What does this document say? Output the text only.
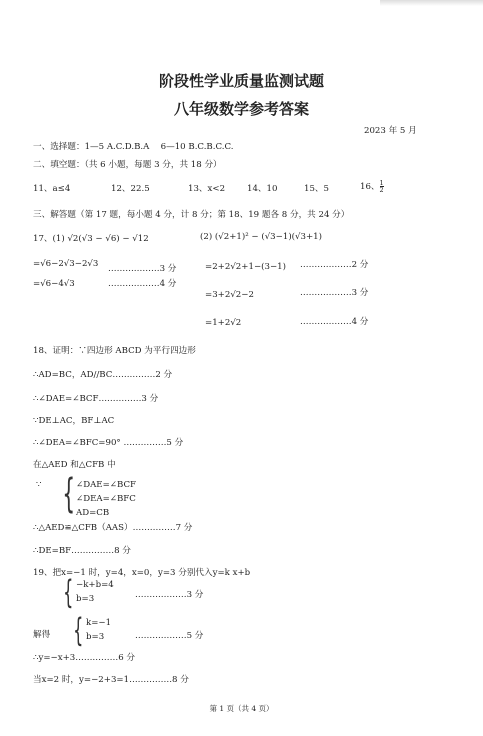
阶段性学业质量监测试题
八年级数学参考答案
2023 年 5 月
一、选择题：1—5 A.C.D.B.A　 6—10 B.C.B.C.C.
二、填空题：（共 6 小题，每题 3 分，共 18 分）
11、a≤4	12、22.5	13、x<2	14、10	15、5	16、 $\frac{1}{2}$
三、解答题（第 17 题，每小题 4 分，计 8 分；第 18、19 题各 8 分，共 24 分）
17、(1) √2(√3 − √6) − √12	(2) (√2+1)² − (√3−1)(√3+1)
=√6−2√3−2√3 ………………3 分
=√6−4√3	………………4 分
=2+2√2+1−(3−1) ………………2 分
=3+2√2−2	………………3 分
=1+2√2	………………4 分
18、证明：∵四边形 ABCD 为平行四边形
∴AD=BC，AD//BC……………2 分
∴∠DAE=∠BCF……………3 分
∵DE⊥AC，BF⊥AC
∴∠DEA=∠BFC=90° ……………5 分
在△AED 和△CFB 中
∵ { ∠DAE=∠BCF
∠DEA=∠BFC
AD=CB
∴△AED≌△CFB（AAS）……………7 分
∴DE=BF……………8 分
19、把x=−1 时，y=4，x=0，y=3 分别代入y=k x+b
{ −k+b=4
b=3	………………3 分
解得 { k=−1
b=3	………………5 分
∴y=−x+3……………6 分
当x=2 时，y=−2+3=1……………8 分
第 1 页（共 4 页）
